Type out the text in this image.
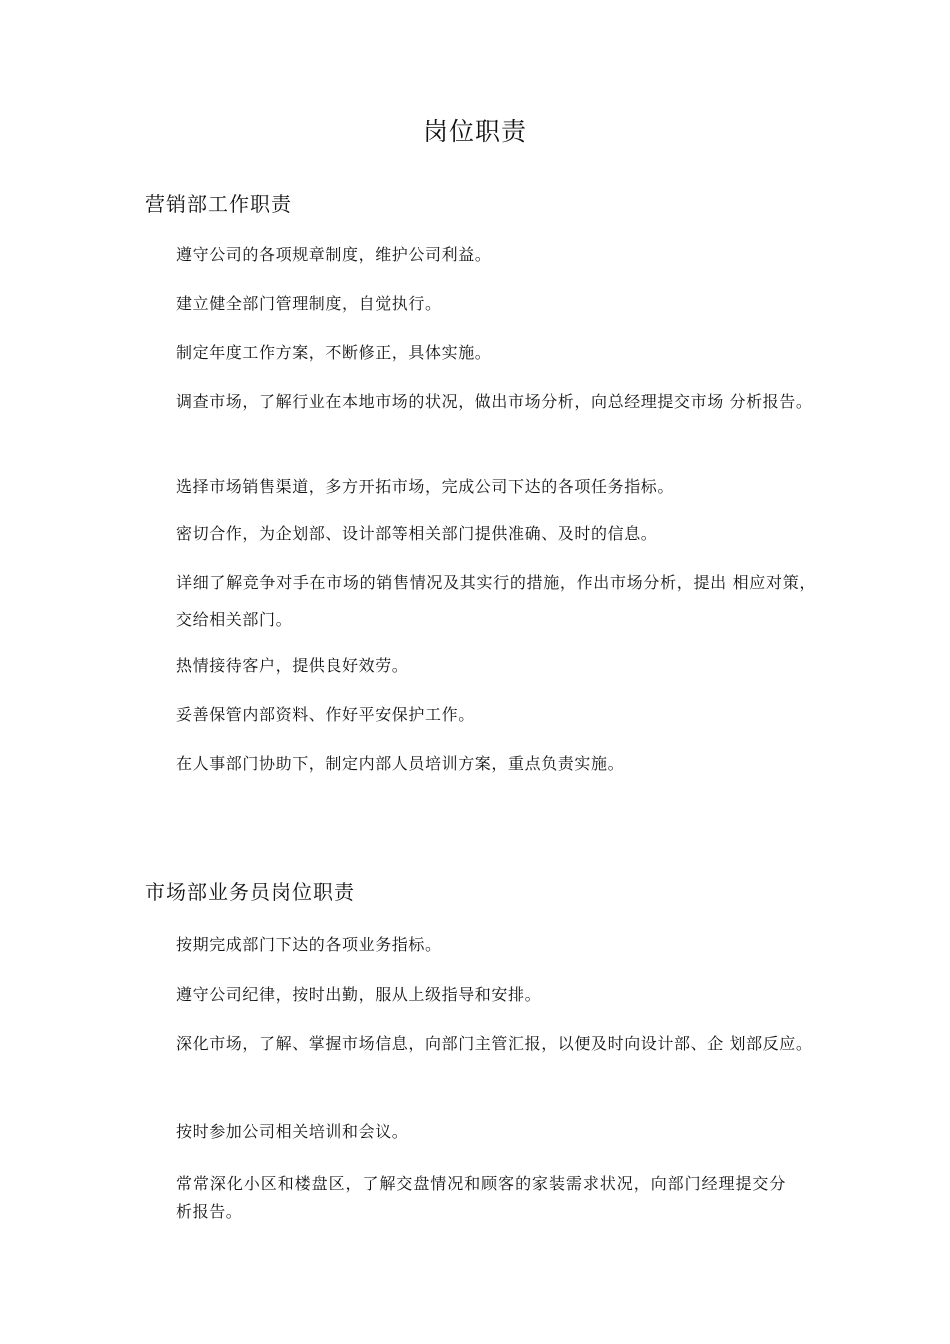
岗位职责
营销部工作职责

遵守公司的各项规章制度，维护公司利益。

建立健全部门管理制度，自觉执行。

制定年度工作方案，不断修正，具体实施。

调查市场，了解行业在本地市场的状况，做出市场分析，向总经理提交市场 分析报告。

选择市场销售渠道，多方开拓市场，完成公司下达的各项任务指标。

密切合作，为企划部、设计部等相关部门提供准确、及时的信息。

详细了解竞争对手在市场的销售情况及其实行的措施，作出市场分析，提出 相应对策，交给相关部门。

热情接待客户，提供良好效劳。

妥善保管内部资料、作好平安保护工作。

在人事部门协助下，制定内部人员培训方案，重点负责实施。

市场部业务员岗位职责

按期完成部门下达的各项业务指标。

遵守公司纪律，按时出勤，服从上级指导和安排。

深化市场，了解、掌握市场信息，向部门主管汇报，以便及时向设计部、企 划部反应。

按时参加公司相关培训和会议。

常常深化小区和楼盘区，了解交盘情况和顾客的家装需求状况，向部门经理提交分析报告。
